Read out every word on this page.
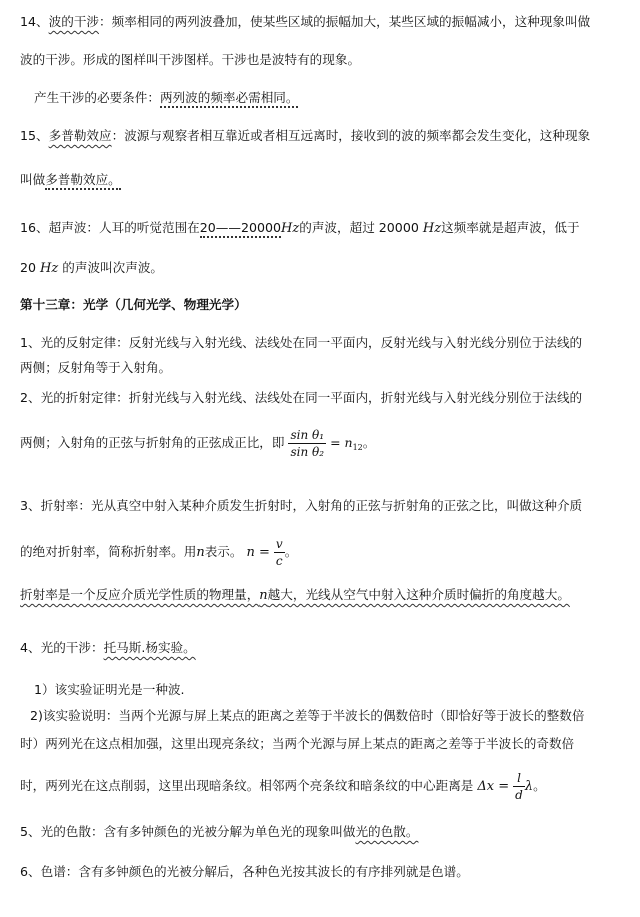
14、波的干涉：频率相同的两列波叠加，使某些区域的振幅加大，某些区域的振幅减小，这种现象叫做
波的干涉。形成的图样叫干涉图样。干涉也是波特有的现象。
产生干涉的必要条件：两列波的频率必需相同。
15、多普勒效应：波源与观察者相互靠近或者相互远离时，接收到的波的频率都会发生变化，这种现象
叫做多普勒效应。
16、超声波：人耳的听觉范围在20——20000Hz的声波，超过 20000 Hz这频率就是超声波，低于
20 Hz 的声波叫次声波。
第十三章：光学（几何光学、物理光学）
1、光的反射定律：反射光线与入射光线、法线处在同一平面内，反射光线与入射光线分别位于法线的
两侧；反射角等于入射角。
2、光的折射定律：折射光线与入射光线、法线处在同一平面内，折射光线与入射光线分别位于法线的
两侧；入射角的正弦与折射角的正弦成正比，即 $\frac{\text{sin θ₁}}{\text{sin θ₂}} = n_{12}$。
3、折射率：光从真空中射入某种介质发生折射时，入射角的正弦与折射角的正弦之比，叫做这种介质
的绝对折射率，简称折射率。用n表示。 $n = \frac{v}{c}$ 。
折射率是一个反应介质光学性质的物理量，n越大，光线从空气中射入这种介质时偏折的角度越大。
4、光的干涉：托马斯.杨实验。
1）该实验证明光是一种波.
2)该实验说明：当两个光源与屏上某点的距离之差等于半波长的偶数倍时（即恰好等于波长的整数倍
时）两列光在这点相加强，这里出现亮条纹；当两个光源与屏上某点的距离之差等于半波长的奇数倍
时，两列光在这点削弱，这里出现暗条纹。相邻两个亮条纹和暗条纹的中心距离是 $\Delta x = \frac{l}{d}$ λ。
5、光的色散：含有多钟颜色的光被分解为单色光的现象叫做光的色散。
6、色谱：含有多钟颜色的光被分解后，各种色光按其波长的有序排列就是色谱。
